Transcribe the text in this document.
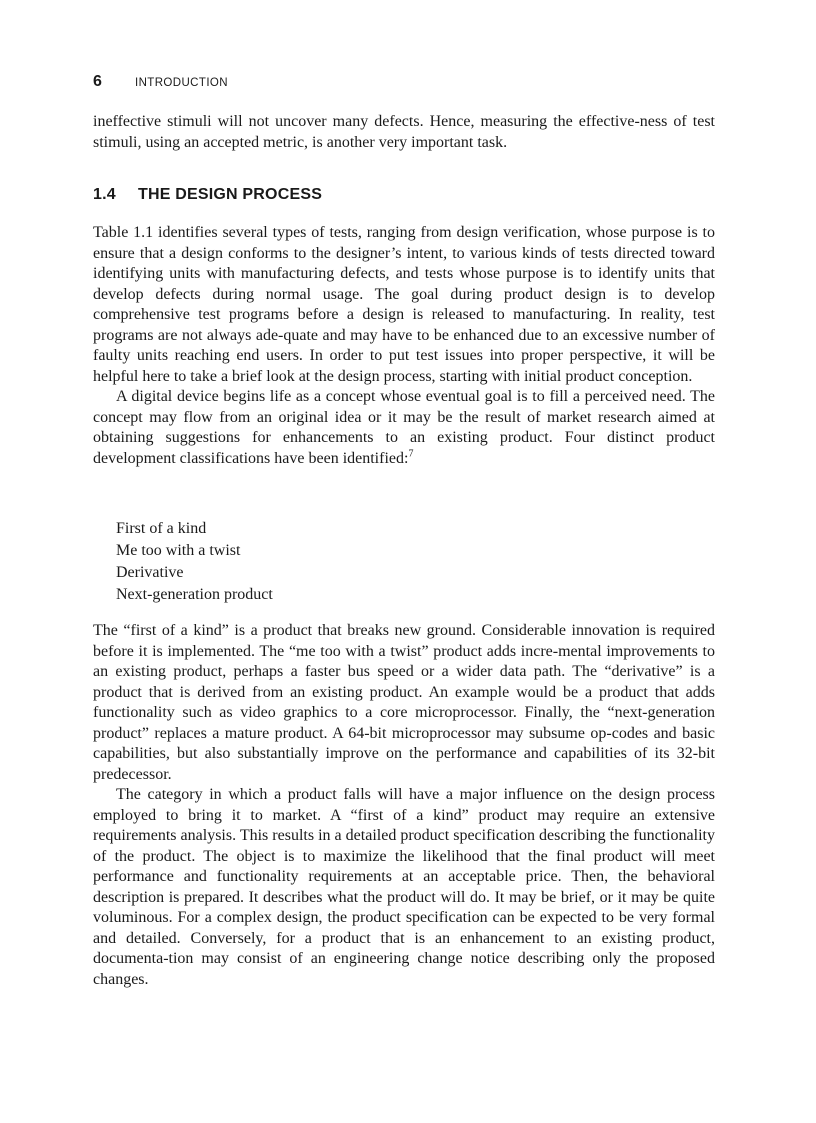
6	INTRODUCTION

ineffective stimuli will not uncover many defects. Hence, measuring the effective-ness of test stimuli, using an accepted metric, is another very important task.

1.4 THE DESIGN PROCESS

Table 1.1 identifies several types of tests, ranging from design verification, whose purpose is to ensure that a design conforms to the designer’s intent, to various kinds of tests directed toward identifying units with manufacturing defects, and tests whose purpose is to identify units that develop defects during normal usage. The goal during product design is to develop comprehensive test programs before a design is released to manufacturing. In reality, test programs are not always ade-quate and may have to be enhanced due to an excessive number of faulty units reaching end users. In order to put test issues into proper perspective, it will be helpful here to take a brief look at the design process, starting with initial product conception.

A digital device begins life as a concept whose eventual goal is to fill a perceived need. The concept may flow from an original idea or it may be the result of market research aimed at obtaining suggestions for enhancements to an existing product. Four distinct product development classifications have been identified:$^7$

First of a kind
Me too with a twist
Derivative
Next-generation product

The “first of a kind” is a product that breaks new ground. Considerable innovation is required before it is implemented. The “me too with a twist” product adds incre-mental improvements to an existing product, perhaps a faster bus speed or a wider data path. The “derivative” is a product that is derived from an existing product. An example would be a product that adds functionality such as video graphics to a core microprocessor. Finally, the “next-generation product” replaces a mature product. A 64-bit microprocessor may subsume op-codes and basic capabilities, but also substantially improve on the performance and capabilities of its 32-bit predecessor.

The category in which a product falls will have a major influence on the design process employed to bring it to market. A “first of a kind” product may require an extensive requirements analysis. This results in a detailed product specification describing the functionality of the product. The object is to maximize the likelihood that the final product will meet performance and functionality requirements at an acceptable price. Then, the behavioral description is prepared. It describes what the product will do. It may be brief, or it may be quite voluminous. For a complex design, the product specification can be expected to be very formal and detailed. Conversely, for a product that is an enhancement to an existing product, documenta-tion may consist of an engineering change notice describing only the proposed changes.
